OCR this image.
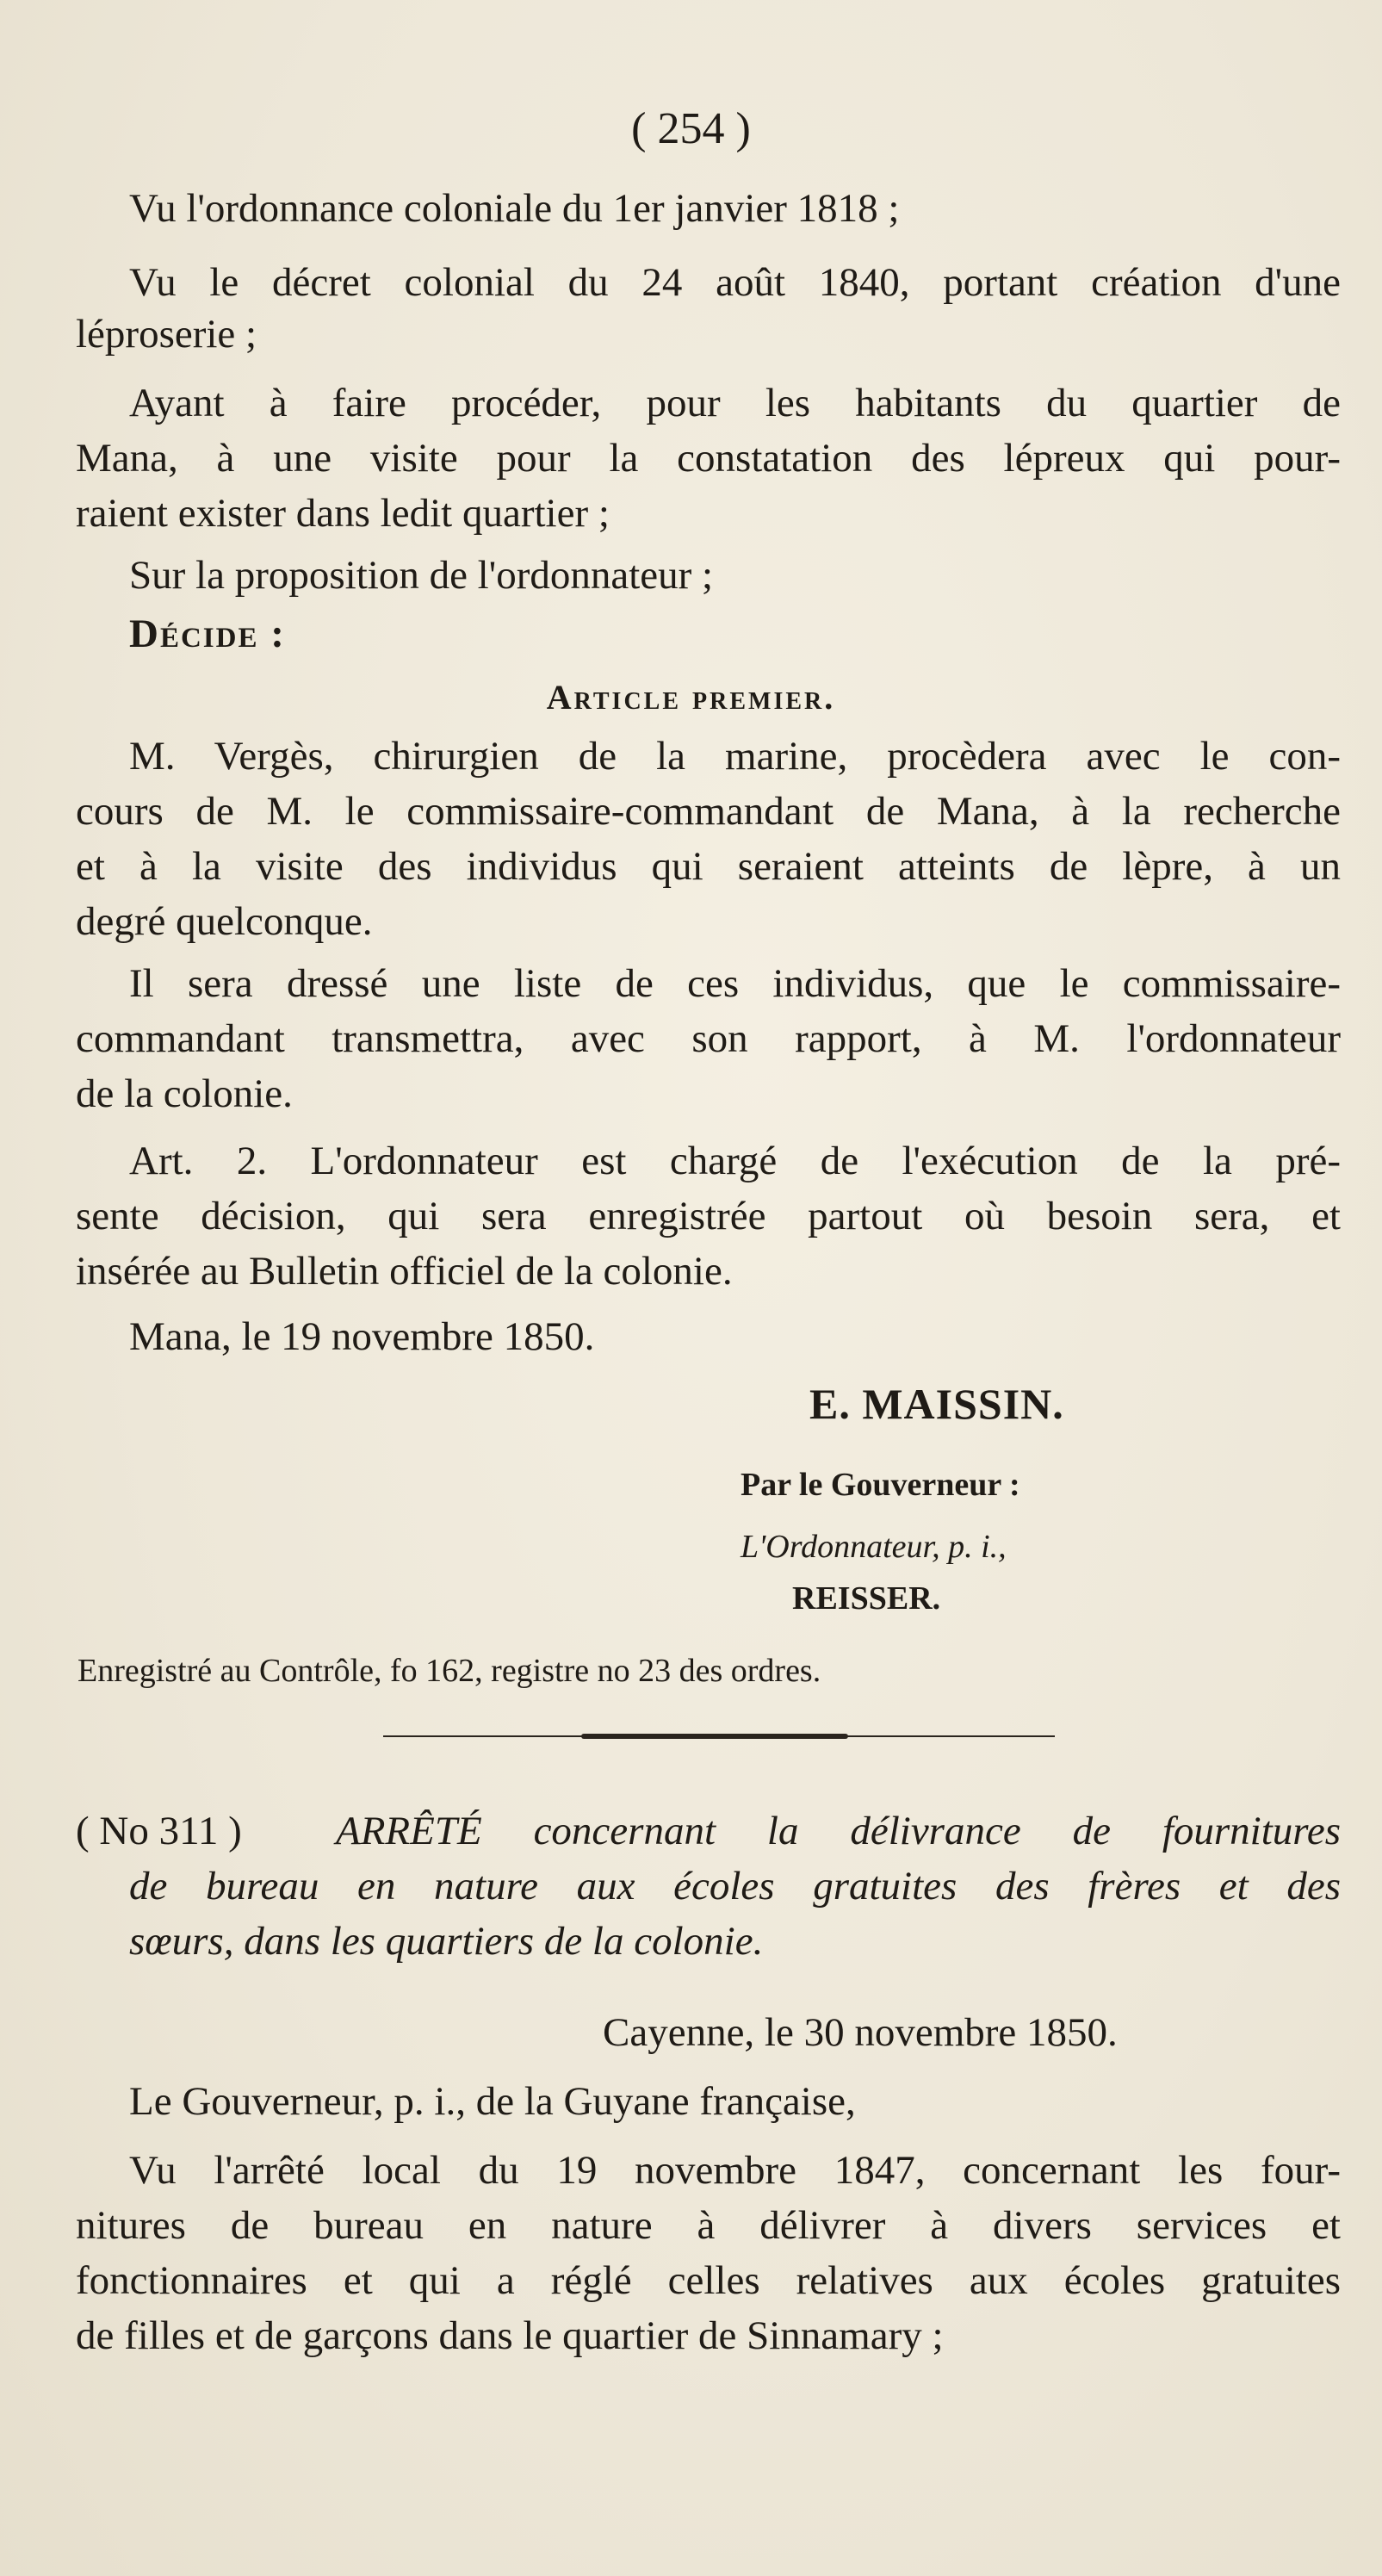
( 254 )
Vu l'ordonnance coloniale du 1er janvier 1818 ;
Vu le décret colonial du 24 août 1840, portant création d'une
léproserie ;
Ayant à faire procéder, pour les habitants du quartier de
Mana, à une visite pour la constatation des lépreux qui pour-
raient exister dans ledit quartier ;
Sur la proposition de l'ordonnateur ;
Décide :
Article premier.
M. Vergès, chirurgien de la marine, procèdera avec le con-
cours de M. le commissaire-commandant de Mana, à la recherche
et à la visite des individus qui seraient atteints de lèpre, à un
degré quelconque.
Il sera dressé une liste de ces individus, que le commissaire-
commandant transmettra, avec son rapport, à M. l'ordonnateur
de la colonie.
Art. 2. L'ordonnateur est chargé de l'exécution de la pré-
sente décision, qui sera enregistrée partout où besoin sera, et
insérée au Bulletin officiel de la colonie.
Mana, le 19 novembre 1850.
E. MAISSIN.
Par le Gouverneur :
L'Ordonnateur, p. i.,
REISSER.
Enregistré au Contrôle, fo 162, registre no 23 des ordres.
( No 311 ) ARRÊTÉ concernant la délivrance de fournitures
de bureau en nature aux écoles gratuites des frères et des
sœurs, dans les quartiers de la colonie.
Cayenne, le 30 novembre 1850.
Le Gouverneur, p. i., de la Guyane française,
Vu l'arrêté local du 19 novembre 1847, concernant les four-
nitures de bureau en nature à délivrer à divers services et
fonctionnaires et qui a réglé celles relatives aux écoles gratuites
de filles et de garçons dans le quartier de Sinnamary ;
